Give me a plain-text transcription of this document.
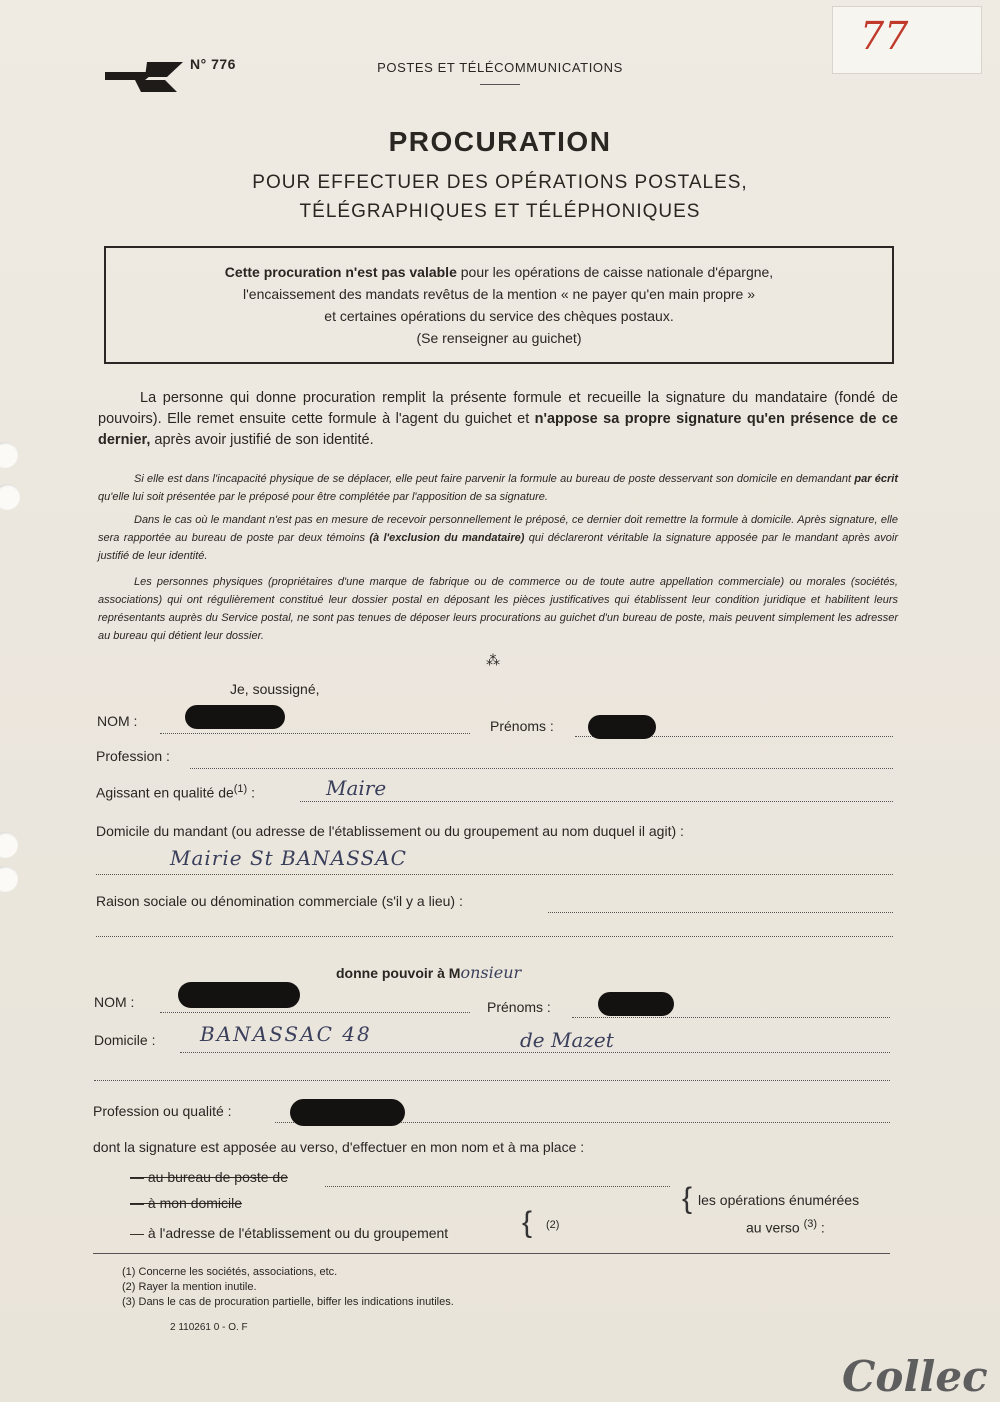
N° 776	POSTES ET TÉLÉCOMMUNICATIONS
77
PROCURATION
POUR EFFECTUER DES OPÉRATIONS POSTALES,
TÉLÉGRAPHIQUES ET TÉLÉPHONIQUES
Cette procuration n'est pas valable pour les opérations de caisse nationale d'épargne,
l'encaissement des mandats revêtus de la mention « ne payer qu'en main propre »
et certaines opérations du service des chèques postaux.
(Se renseigner au guichet)
La personne qui donne procuration remplit la présente formule et recueille la signature du mandataire (fondé de pouvoirs). Elle remet ensuite cette formule à l'agent du guichet et n'appose sa propre signature qu'en présence de ce dernier, après avoir justifié de son identité.
Si elle est dans l'incapacité physique de se déplacer, elle peut faire parvenir la formule au bureau de poste desservant son domicile en demandant par écrit qu'elle lui soit présentée par le préposé pour être complétée par l'apposition de sa signature.
Dans le cas où le mandant n'est pas en mesure de recevoir personnellement le préposé, ce dernier doit remettre la formule à domicile. Après signature, elle sera rapportée au bureau de poste par deux témoins (à l'exclusion du mandataire) qui déclareront véritable la signature apposée par le mandant après avoir justifié de leur identité.
Les personnes physiques (propriétaires d'une marque de fabrique ou de commerce ou de toute autre appellation commerciale) ou morales (sociétés, associations) qui ont régulièrement constitué leur dossier postal en déposant les pièces justificatives qui établissent leur condition juridique et habilitent leurs représentants auprès du Service postal, ne sont pas tenues de déposer leurs procurations au guichet d'un bureau de poste, mais peuvent simplement les adresser au bureau qui détient leur dossier.
⁂
Je, soussigné,
NOM :	Prénoms :
Profession :
Agissant en qualité $de^{(1)}$ :	Maire
Domicile du mandant (ou adresse de l'établissement ou du groupement au nom duquel il agit) :
Mairie St BANASSAC
Raison sociale ou dénomination commerciale (s'il y a lieu) :
donne pouvoir à Monsieur
NOM :	Prénoms :
Domicile : BANASSAC 48	de Mazet
Profession ou qualité :
dont la signature est apposée au verso, d'effectuer en mon nom et à ma place :
— au bureau de poste de
— à mon domicile
— à l'adresse de l'établissement ou du groupement { (2)
{ les opérations énumérées
au verso $^{(3)}$ :
(1) Concerne les sociétés, associations, etc.
(2) Rayer la mention inutile.
(3) Dans le cas de procuration partielle, biffer les indications inutiles.
2 110261 0 - O. F
Collec
